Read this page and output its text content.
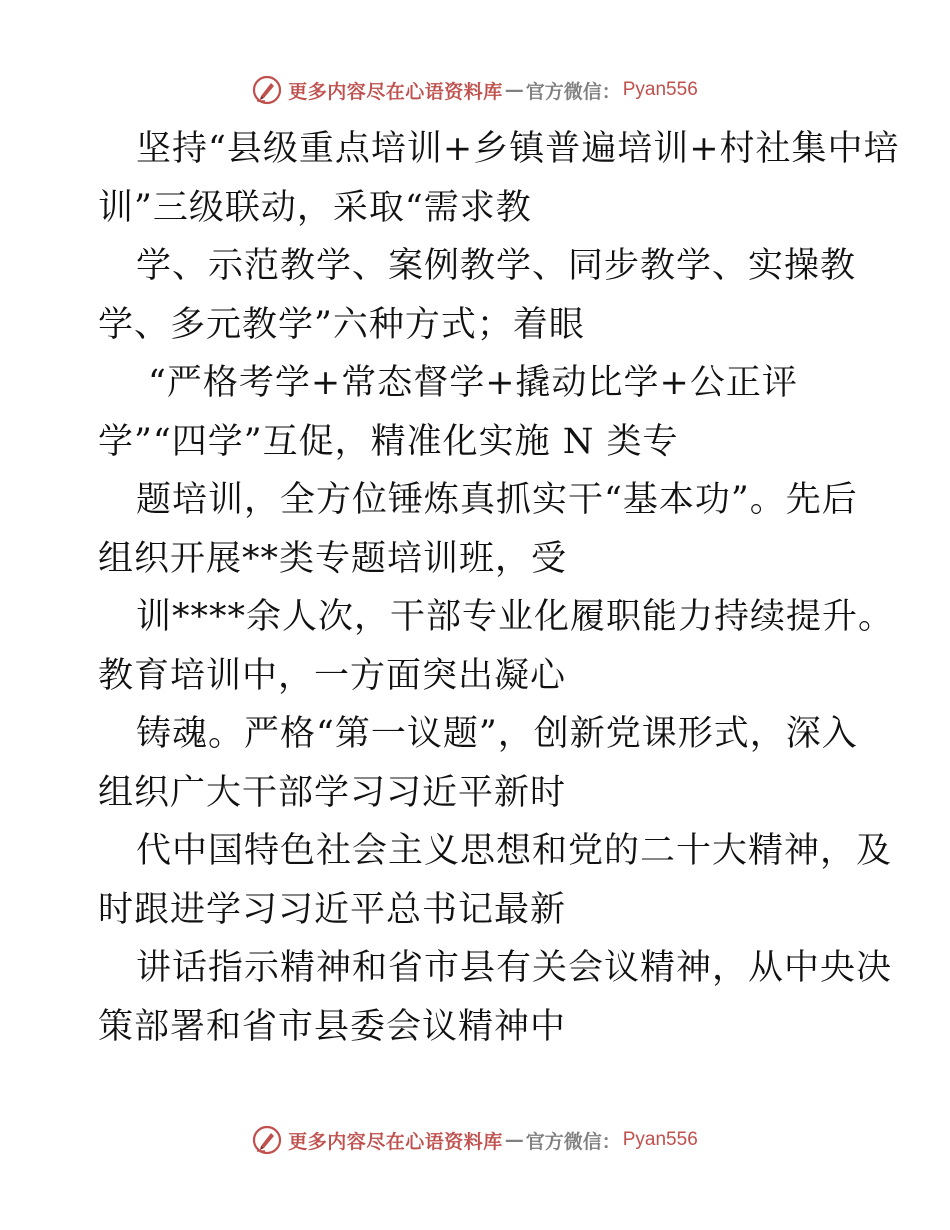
更多内容尽在心语资料库 — 官方微信： Pyan556
坚持“县级重点培训+乡镇普遍培训+村社集中培
训”三级联动，采取“需求教
学、示范教学、案例教学、同步教学、实操教
学、多元教学”六种方式；着眼
“严格考学+常态督学+撬动比学+公正评
学”“四学”互促，精准化实施 N 类专
题培训，全方位锤炼真抓实干“基本功”。先后
组织开展**类专题培训班，受
训****余人次，干部专业化履职能力持续提升。
教育培训中，一方面突出凝心
铸魂。严格“第一议题”，创新党课形式，深入
组织广大干部学习习近平新时
代中国特色社会主义思想和党的二十大精神，及
时跟进学习习近平总书记最新
讲话指示精神和省市县有关会议精神，从中央决
策部署和省市县委会议精神中
更多内容尽在心语资料库 — 官方微信： Pyan556
